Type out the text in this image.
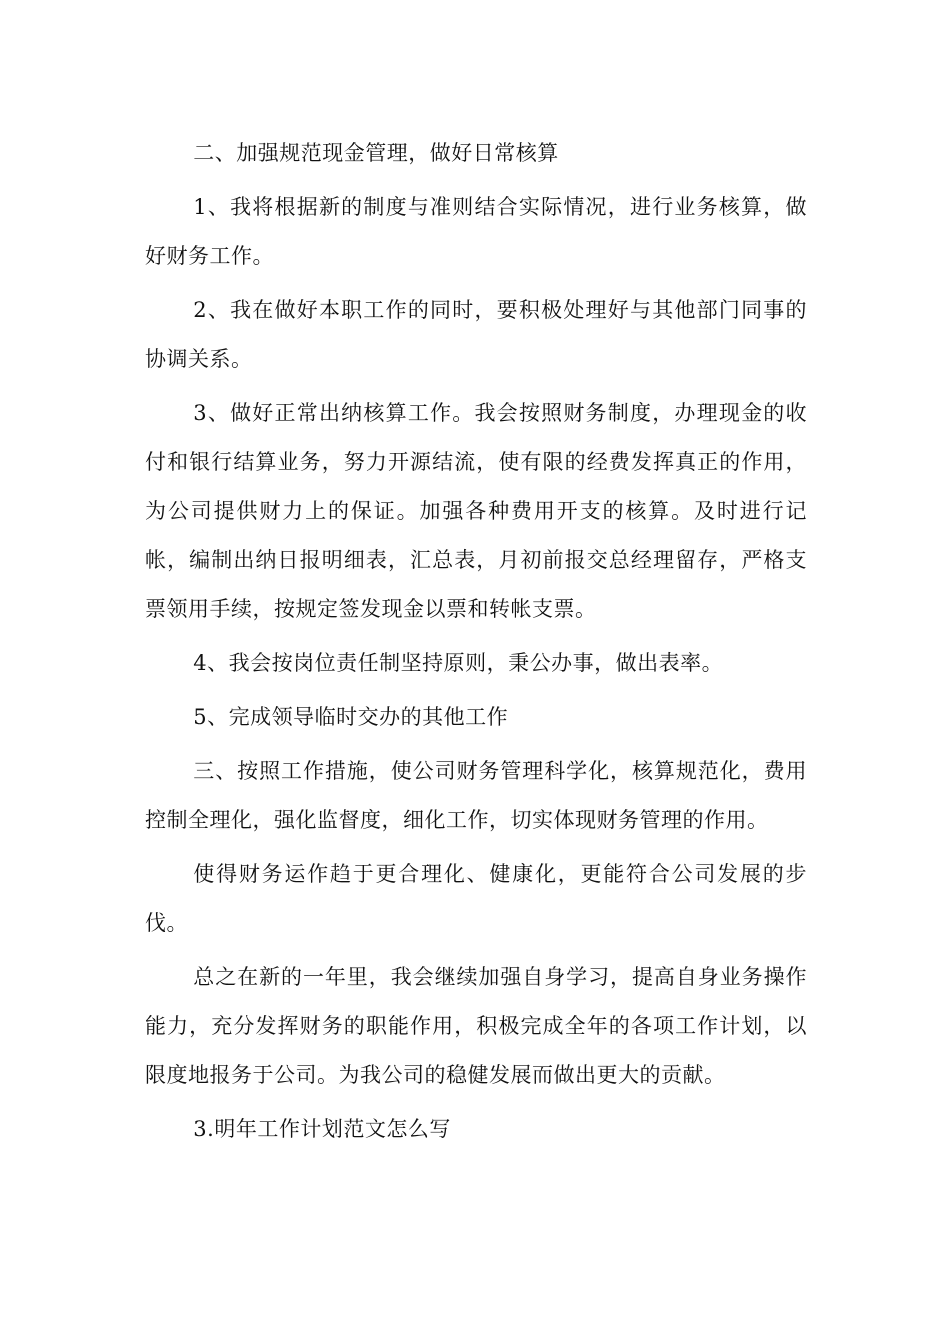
二、加强规范现金管理，做好日常核算

1、我将根据新的制度与准则结合实际情况，进行业务核算，做好财务工作。

2、我在做好本职工作的同时，要积极处理好与其他部门同事的协调关系。

3、做好正常出纳核算工作。我会按照财务制度，办理现金的收付和银行结算业务，努力开源结流，使有限的经费发挥真正的作用，为公司提供财力上的保证。加强各种费用开支的核算。及时进行记帐，编制出纳日报明细表，汇总表，月初前报交总经理留存，严格支票领用手续，按规定签发现金以票和转帐支票。

4、我会按岗位责任制坚持原则，秉公办事，做出表率。

5、完成领导临时交办的其他工作

三、按照工作措施，使公司财务管理科学化，核算规范化，费用控制全理化，强化监督度，细化工作，切实体现财务管理的作用。

使得财务运作趋于更合理化、健康化，更能符合公司发展的步伐。

总之在新的一年里，我会继续加强自身学习，提高自身业务操作能力，充分发挥财务的职能作用，积极完成全年的各项工作计划，以限度地报务于公司。为我公司的稳健发展而做出更大的贡献。

3.明年工作计划范文怎么写
